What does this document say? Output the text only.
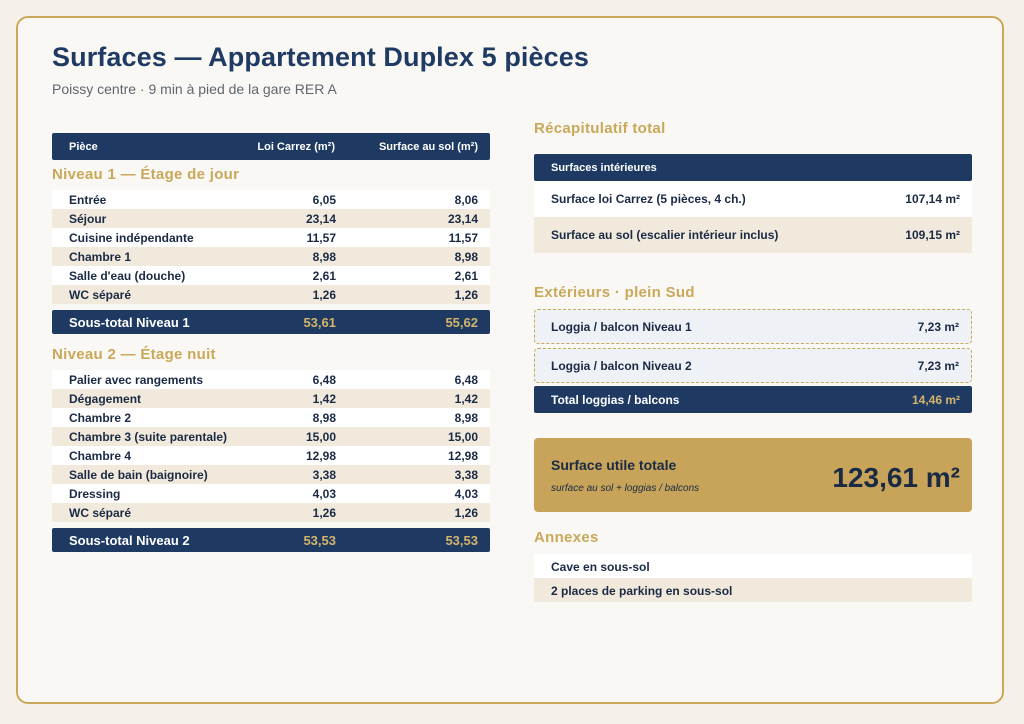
Surfaces — Appartement Duplex 5 pièces
Poissy centre · 9 min à pied de la gare RER A
Pièce	Loi Carrez (m²)	Surface au sol (m²)
Niveau 1 — Étage de jour
Entrée	6,05	8,06
Séjour	23,14	23,14
Cuisine indépendante	11,57	11,57
Chambre 1	8,98	8,98
Salle d'eau (douche)	2,61	2,61
WC séparé	1,26	1,26
Sous-total Niveau 1	53,61	55,62
Niveau 2 — Étage nuit
Palier avec rangements	6,48	6,48
Dégagement	1,42	1,42
Chambre 2	8,98	8,98
Chambre 3 (suite parentale)	15,00	15,00
Chambre 4	12,98	12,98
Salle de bain (baignoire)	3,38	3,38
Dressing	4,03	4,03
WC séparé	1,26	1,26
Sous-total Niveau 2	53,53	53,53
Récapitulatif total
Surfaces intérieures
Surface loi Carrez (5 pièces, 4 ch.)	107,14 m²
Surface au sol (escalier intérieur inclus)	109,15 m²
Extérieurs · plein Sud
Loggia / balcon Niveau 1	7,23 m²
Loggia / balcon Niveau 2	7,23 m²
Total loggias / balcons	14,46 m²
Surface utile totale
surface au sol + loggias / balcons	123,61 m²
Annexes
Cave en sous-sol
2 places de parking en sous-sol
